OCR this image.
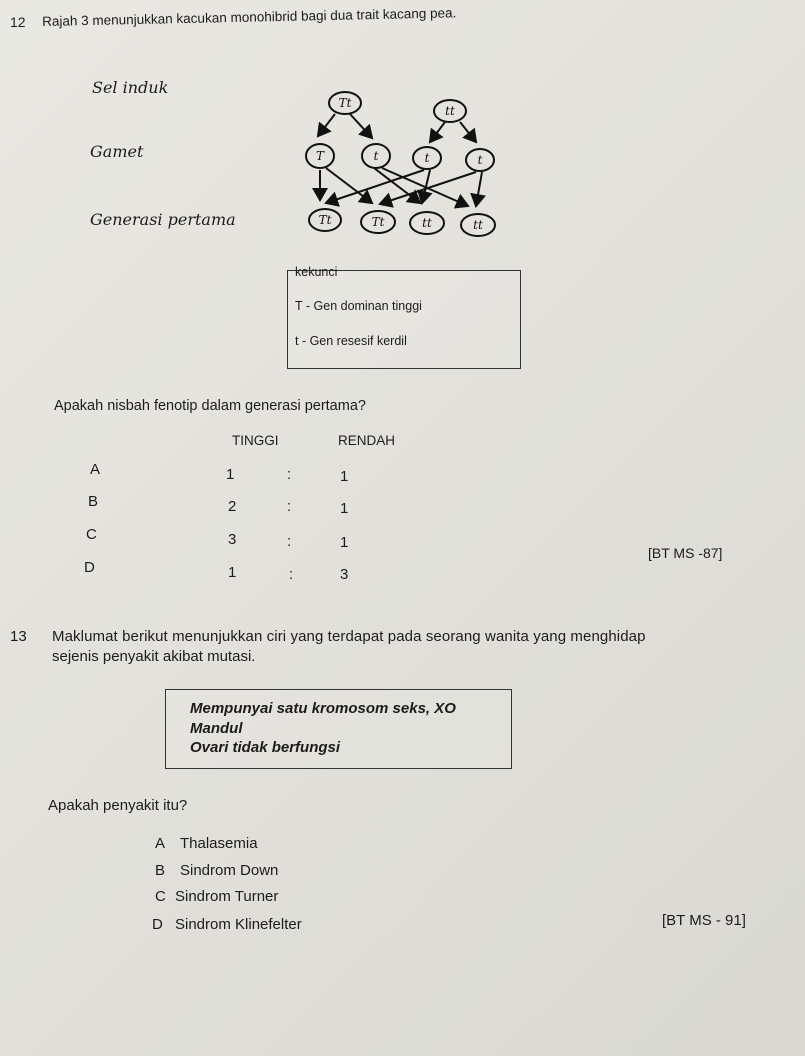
12 Rajah 3 menunjukkan kacukan monohibrid bagi dua trait kacang pea.
Sel induk
Gamet
Generasi pertama
Tt
tt
T	t	t	t
Tt	Tt	tt	tt
kekunci
T - Gen dominan tinggi
t - Gen resesif kerdil
Apakah nisbah fenotip dalam generasi pertama?
TINGGI	RENDAH
A	1	:	1
B	2	:	1
C	3	:	1
D	1	:	3
[BT MS -87]
13 Maklumat berikut menunjukkan ciri yang terdapat pada seorang wanita yang menghidap
sejenis penyakit akibat mutasi.
Mempunyai satu kromosom seks, XO
Mandul
Ovari tidak berfungsi
Apakah penyakit itu?
A Thalasemia
B Sindrom Down
C Sindrom Turner
D Sindrom Klinefelter	[BT MS - 91]
